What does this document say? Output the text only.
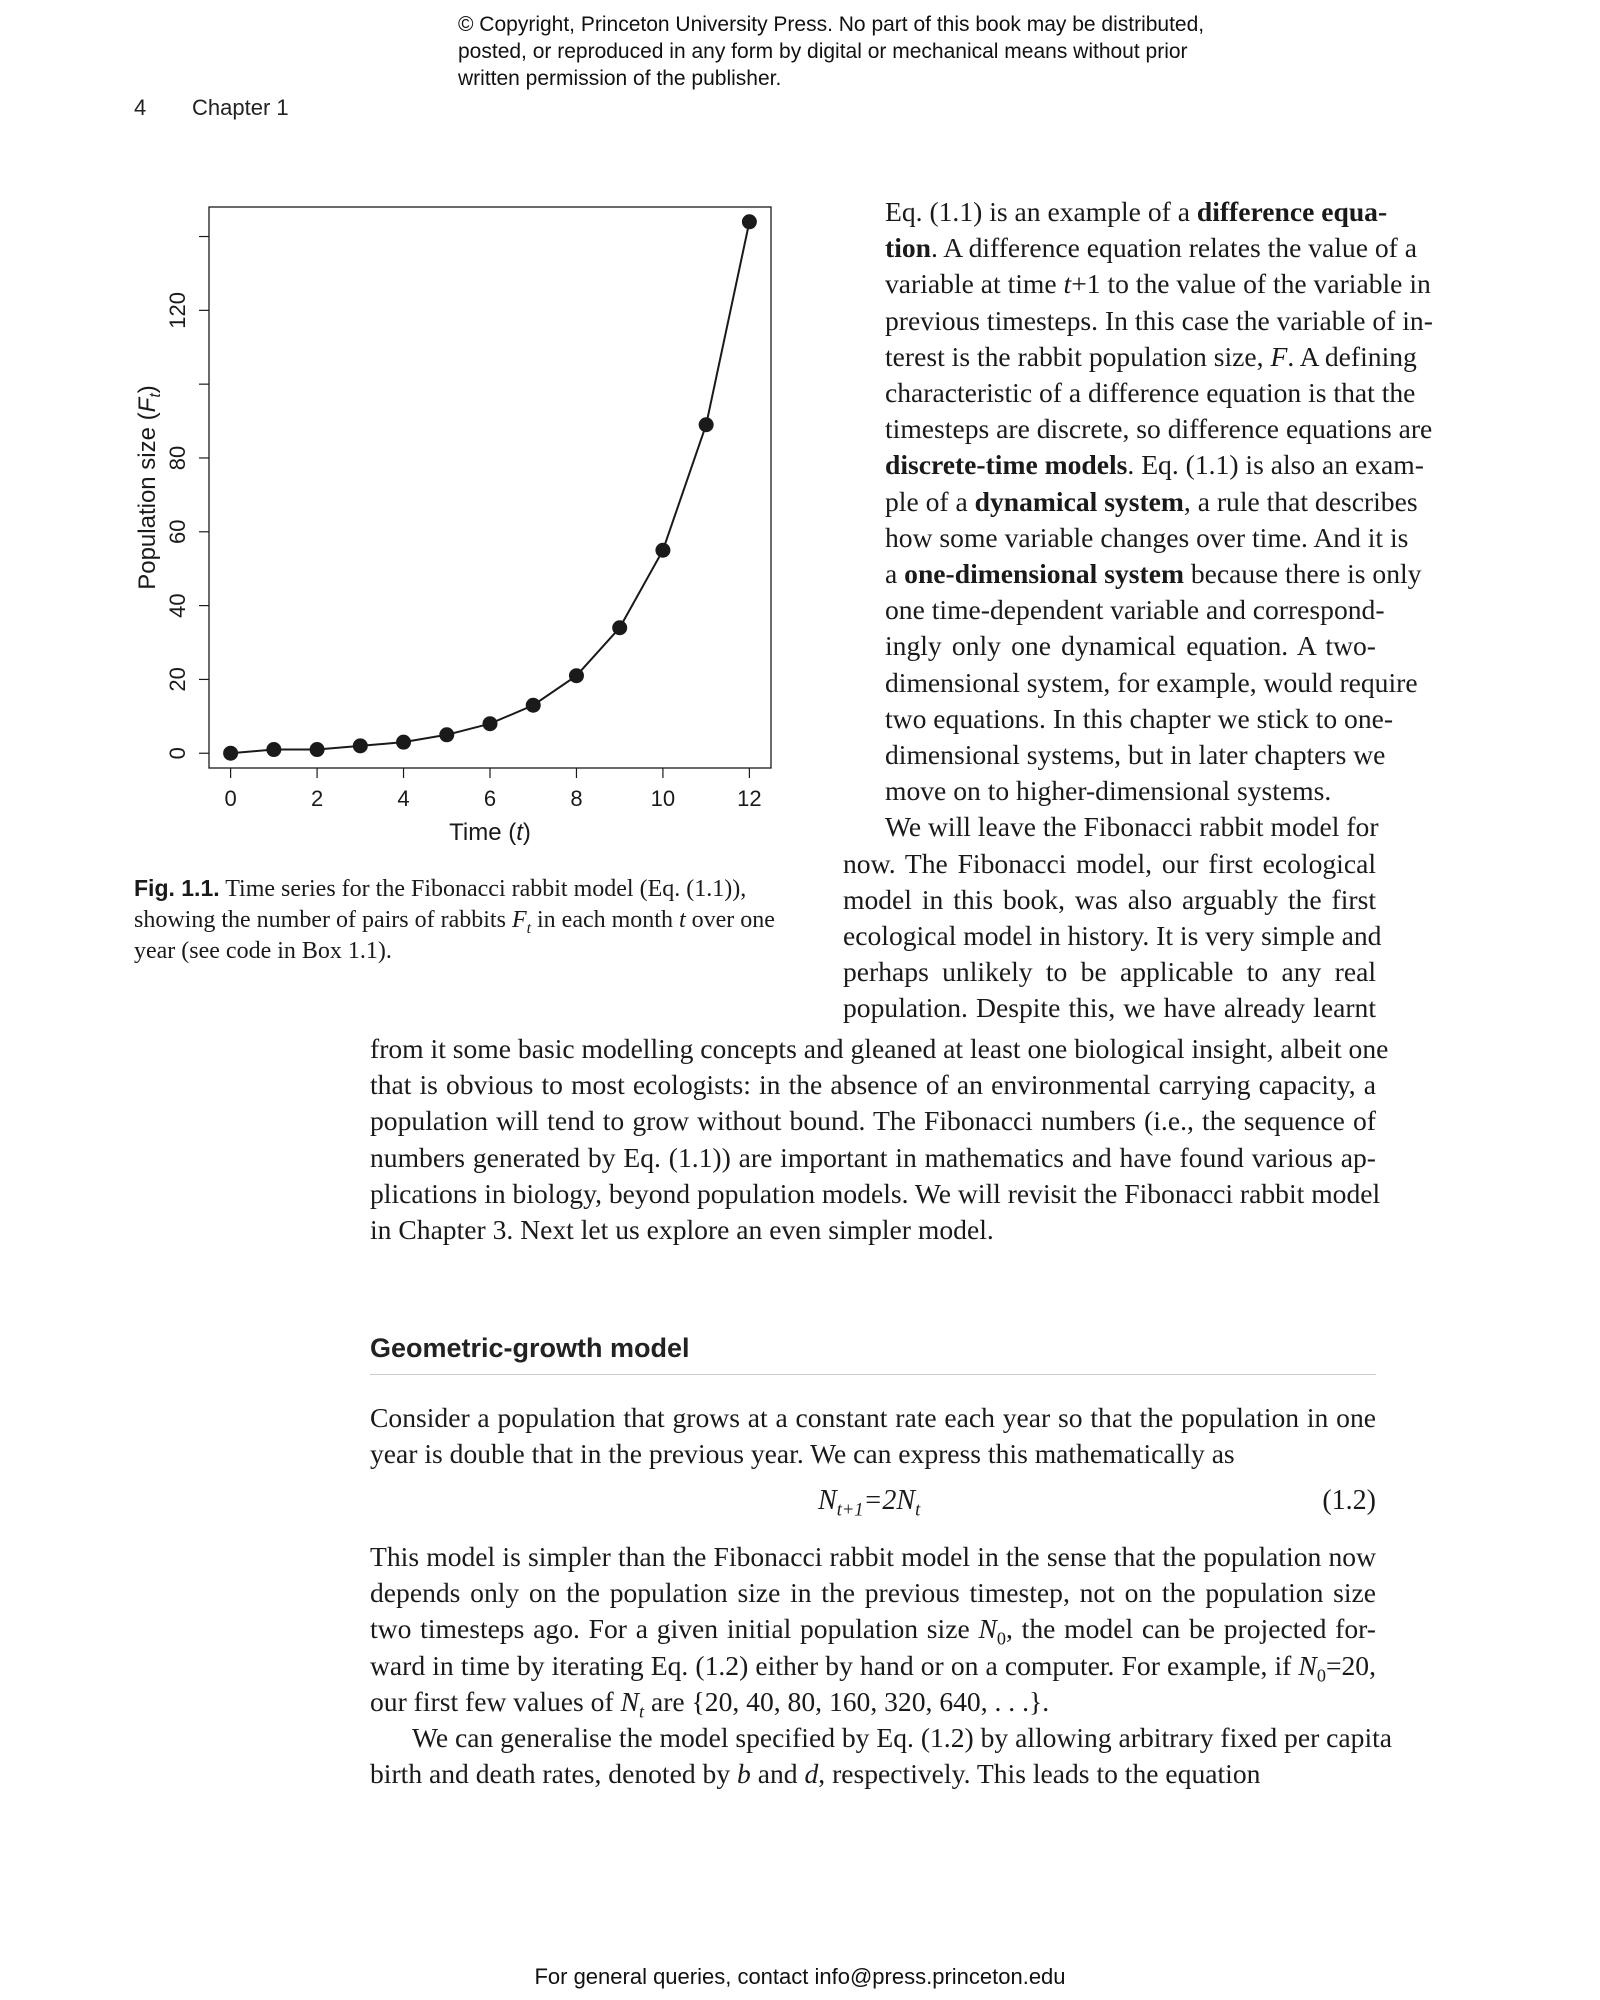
© Copyright, Princeton University Press. No part of this book may be distributed, posted, or reproduced in any form by digital or mechanical means without prior written permission of the publisher.
4 Chapter 1
0	2	4	6	8	10	12
0
20
40
60
80
120
Time (t)
Population size $(F_t)$
Fig. 1.1. Time series for the Fibonacci rabbit model (Eq. (1.1)), showing the number of pairs of rabbits $F_t$ in each month t over one year (see code in Box 1.1).

Eq. (1.1) is an example of a difference equa-
tion. A difference equation relates the value of a
variable at time t+1 to the value of the variable in
previous timesteps. In this case the variable of in-
terest is the rabbit population size, F. A defining
characteristic of a difference equation is that the
timesteps are discrete, so difference equations are
discrete-time models. Eq. (1.1) is also an exam-
ple of a dynamical system, a rule that describes
how some variable changes over time. And it is
a one-dimensional system because there is only
one time-dependent variable and correspond-
ingly only one dynamical equation. A two-
dimensional system, for example, would require
two equations. In this chapter we stick to one-
dimensional systems, but in later chapters we
move on to higher-dimensional systems.

We will leave the Fibonacci rabbit model for
now. The Fibonacci model, our first ecological
model in this book, was also arguably the first
ecological model in history. It is very simple and
perhaps unlikely to be applicable to any real
population. Despite this, we have already learnt

from it some basic modelling concepts and gleaned at least one biological insight, albeit one
that is obvious to most ecologists: in the absence of an environmental carrying capacity, a
population will tend to grow without bound. The Fibonacci numbers (i.e., the sequence of
numbers generated by Eq. (1.1)) are important in mathematics and have found various ap-
plications in biology, beyond population models. We will revisit the Fibonacci rabbit model
in Chapter 3. Next let us explore an even simpler model.
Geometric-growth model
Consider a population that grows at a constant rate each year so that the population in one
year is double that in the previous year. We can express this mathematically as
$N_{t+1}=2N_t$	(1.2)
This model is simpler than the Fibonacci rabbit model in the sense that the population now
depends only on the population size in the previous timestep, not on the population size
two timesteps ago. For a given initial population size $N_0$, the model can be projected for-
ward in time by iterating Eq. (1.2) either by hand or on a computer. For example, if $N_0=20$,
our first few values of $N_t$ are {20, 40, 80, 160, 320, 640, . . .}.
We can generalise the model specified by Eq. (1.2) by allowing arbitrary fixed per capita
birth and death rates, denoted by b and d, respectively. This leads to the equation
For general queries, contact info@press.princeton.edu
